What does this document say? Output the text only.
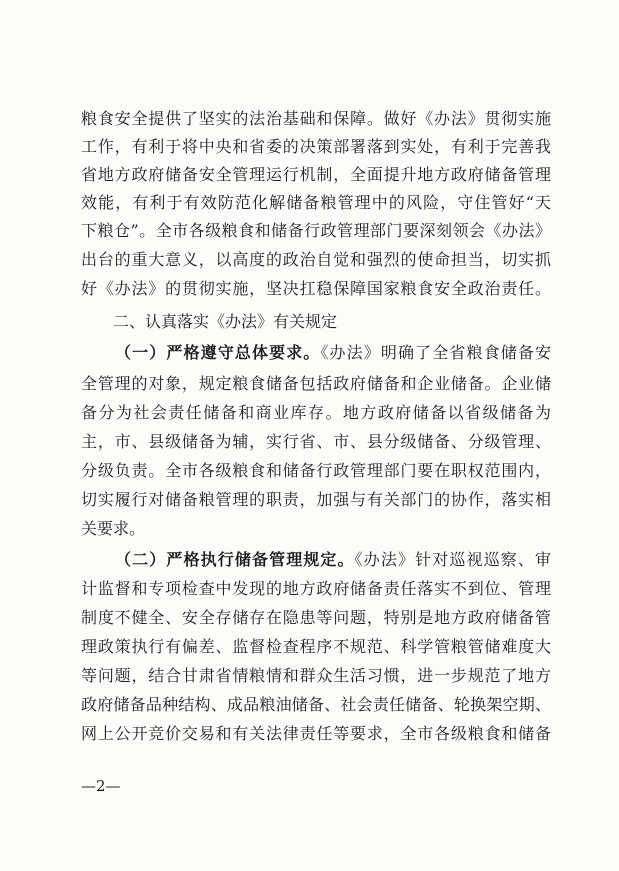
粮食安全提供了坚实的法治基础和保障。做好《办法》贯彻实施
工作，有利于将中央和省委的决策部署落到实处，有利于完善我
省地方政府储备安全管理运行机制，全面提升地方政府储备管理
效能，有利于有效防范化解储备粮管理中的风险，守住管好“天
下粮仓”。全市各级粮食和储备行政管理部门要深刻领会《办法》
出台的重大意义，以高度的政治自觉和强烈的使命担当，切实抓
好《办法》的贯彻实施，坚决扛稳保障国家粮食安全政治责任。
二、认真落实《办法》有关规定
（一）严格遵守总体要求。《办法》明确了全省粮食储备安
全管理的对象，规定粮食储备包括政府储备和企业储备。企业储
备分为社会责任储备和商业库存。地方政府储备以省级储备为
主，市、县级储备为辅，实行省、市、县分级储备、分级管理、
分级负责。全市各级粮食和储备行政管理部门要在职权范围内，
切实履行对储备粮管理的职责，加强与有关部门的协作，落实相
关要求。
（二）严格执行储备管理规定。《办法》针对巡视巡察、审
计监督和专项检查中发现的地方政府储备责任落实不到位、管理
制度不健全、安全存储存在隐患等问题，特别是地方政府储备管
理政策执行有偏差、监督检查程序不规范、科学管粮管储难度大
等问题，结合甘肃省情粮情和群众生活习惯，进一步规范了地方
政府储备品种结构、成品粮油储备、社会责任储备、轮换架空期、
网上公开竞价交易和有关法律责任等要求，全市各级粮食和储备
—2—
